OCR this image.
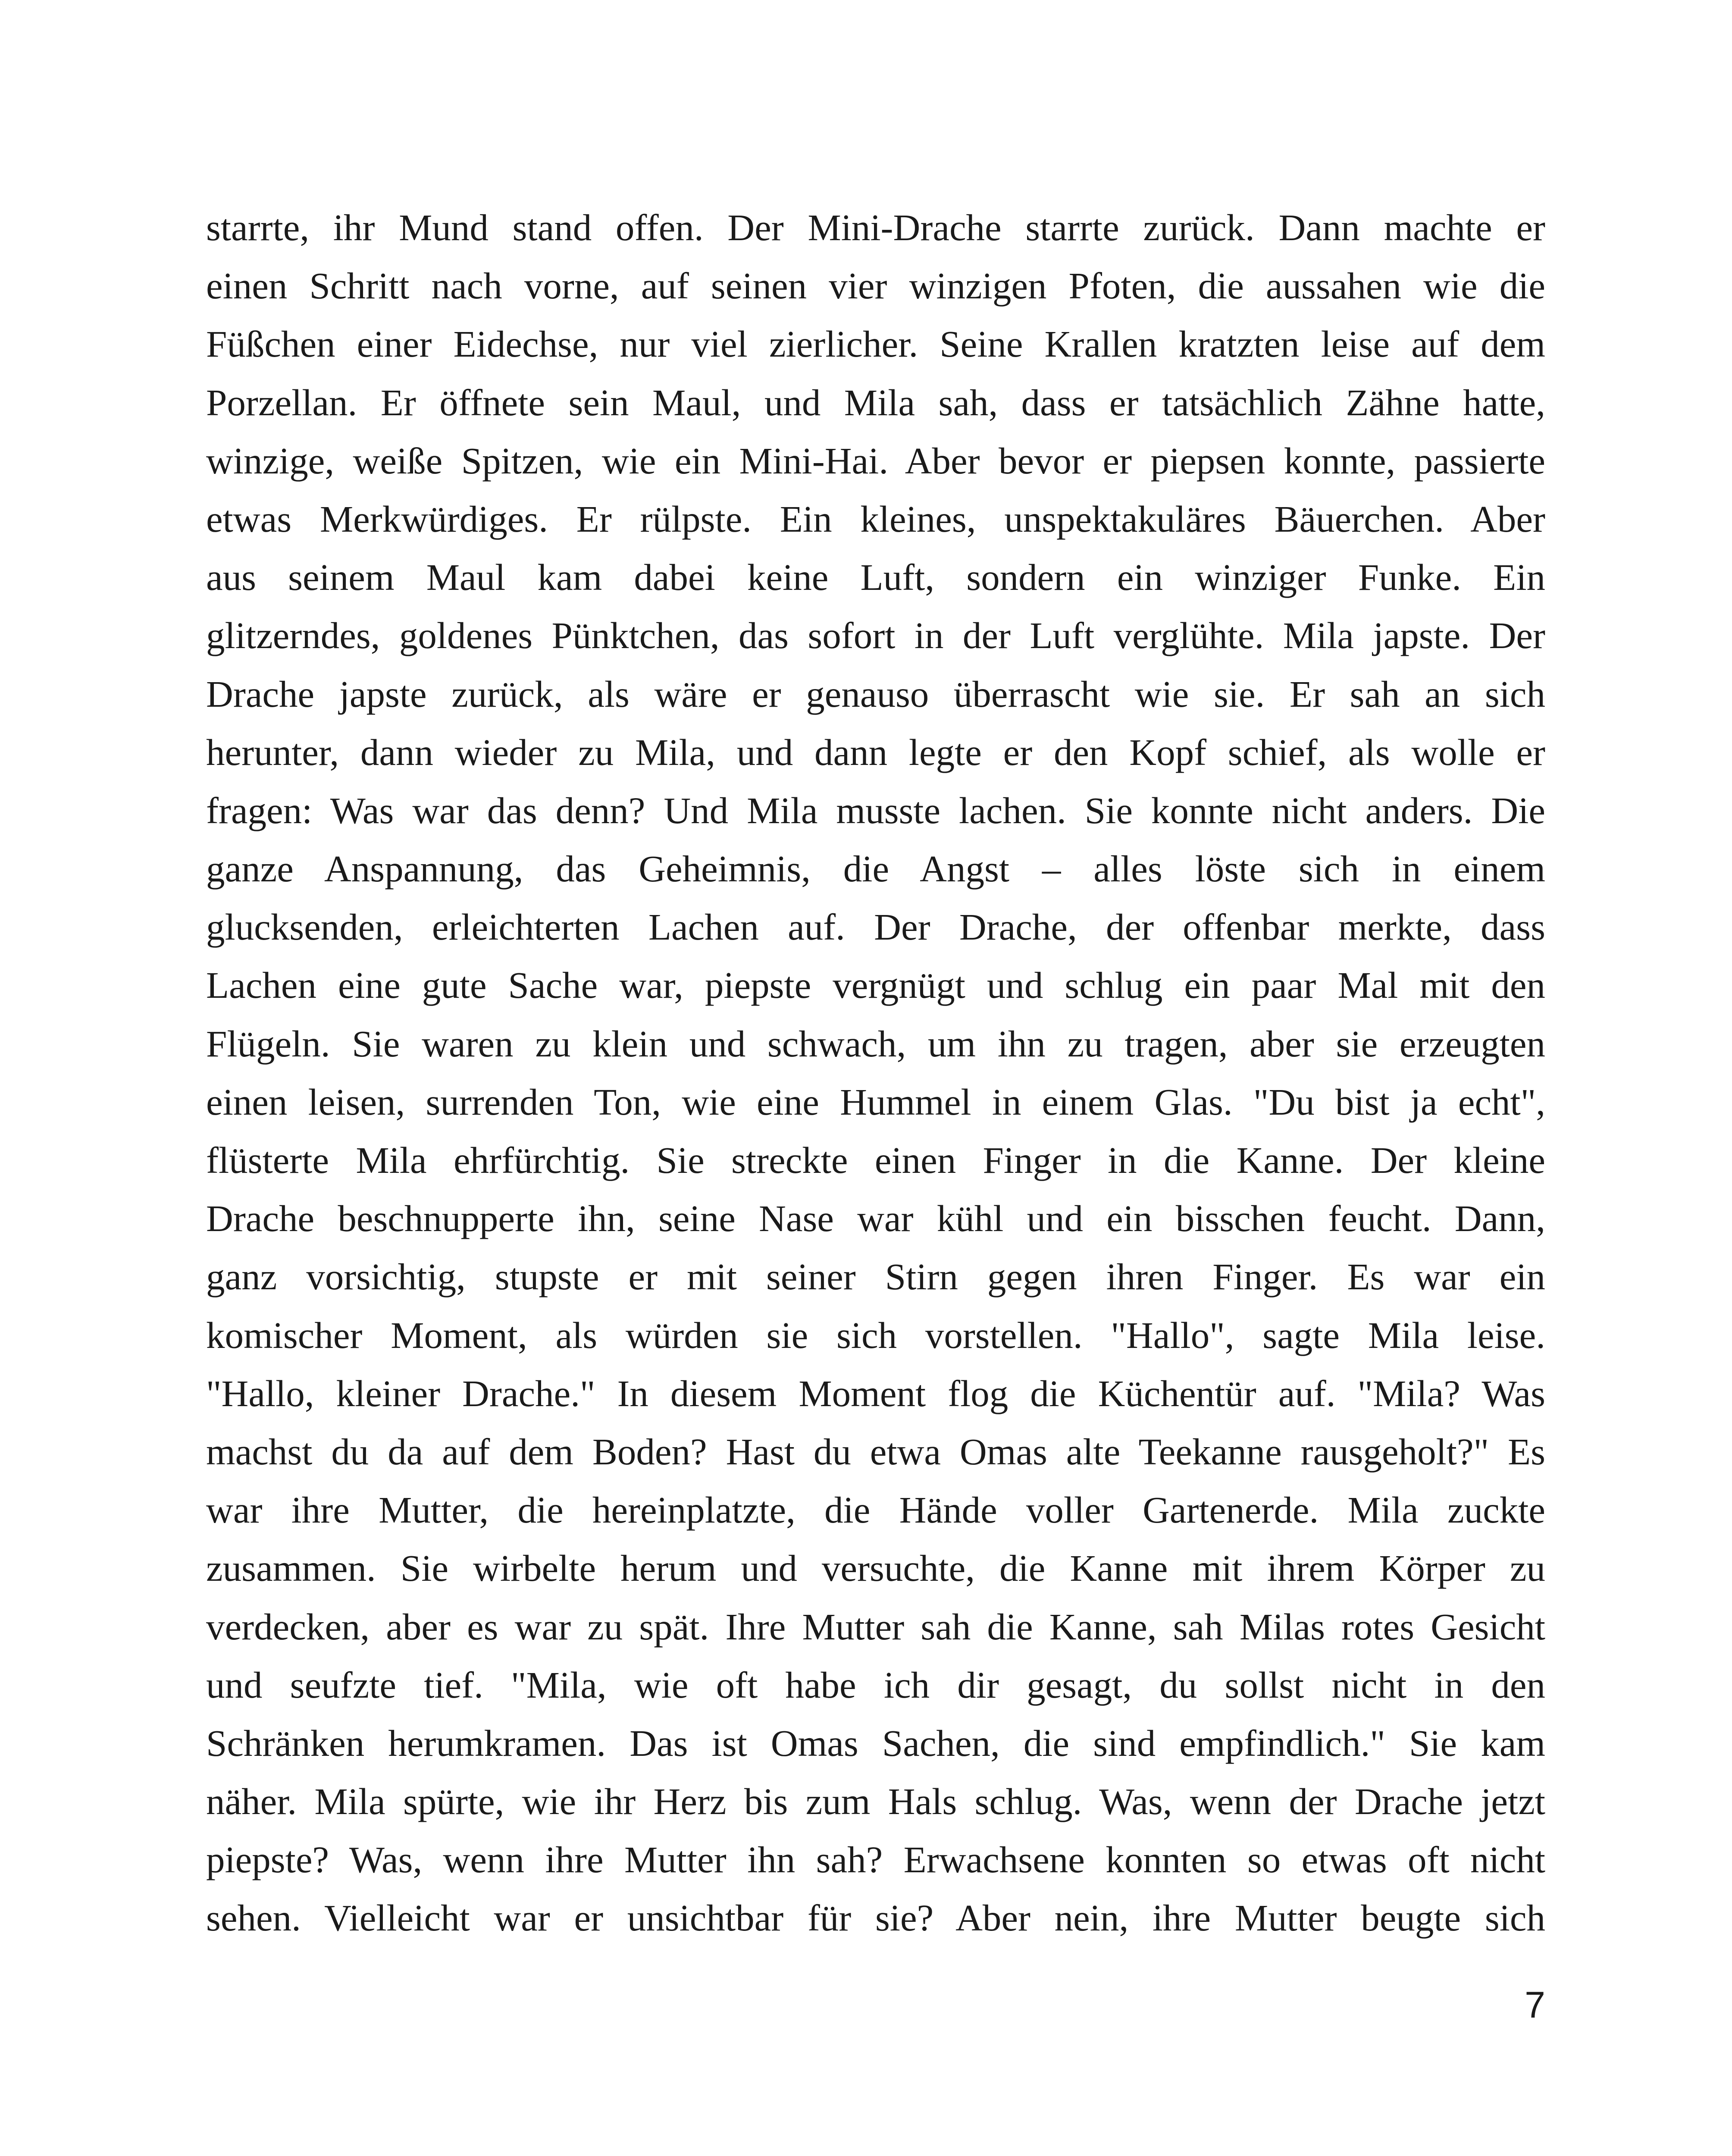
starrte, ihr Mund stand offen. Der Mini-Drache starrte zurück. Dann machte er
einen Schritt nach vorne, auf seinen vier winzigen Pfoten, die aussahen wie die
Füßchen einer Eidechse, nur viel zierlicher. Seine Krallen kratzten leise auf dem
Porzellan. Er öffnete sein Maul, und Mila sah, dass er tatsächlich Zähne hatte,
winzige, weiße Spitzen, wie ein Mini-Hai. Aber bevor er piepsen konnte, passierte
etwas Merkwürdiges. Er rülpste. Ein kleines, unspektakuläres Bäuerchen. Aber
aus seinem Maul kam dabei keine Luft, sondern ein winziger Funke. Ein
glitzerndes, goldenes Pünktchen, das sofort in der Luft verglühte. Mila japste. Der
Drache japste zurück, als wäre er genauso überrascht wie sie. Er sah an sich
herunter, dann wieder zu Mila, und dann legte er den Kopf schief, als wolle er
fragen: Was war das denn? Und Mila musste lachen. Sie konnte nicht anders. Die
ganze Anspannung, das Geheimnis, die Angst – alles löste sich in einem
glucksenden, erleichterten Lachen auf. Der Drache, der offenbar merkte, dass
Lachen eine gute Sache war, piepste vergnügt und schlug ein paar Mal mit den
Flügeln. Sie waren zu klein und schwach, um ihn zu tragen, aber sie erzeugten
einen leisen, surrenden Ton, wie eine Hummel in einem Glas. "Du bist ja echt",
flüsterte Mila ehrfürchtig. Sie streckte einen Finger in die Kanne. Der kleine
Drache beschnupperte ihn, seine Nase war kühl und ein bisschen feucht. Dann,
ganz vorsichtig, stupste er mit seiner Stirn gegen ihren Finger. Es war ein
komischer Moment, als würden sie sich vorstellen. "Hallo", sagte Mila leise.
"Hallo, kleiner Drache." In diesem Moment flog die Küchentür auf. "Mila? Was
machst du da auf dem Boden? Hast du etwa Omas alte Teekanne rausgeholt?" Es
war ihre Mutter, die hereinplatzte, die Hände voller Gartenerde. Mila zuckte
zusammen. Sie wirbelte herum und versuchte, die Kanne mit ihrem Körper zu
verdecken, aber es war zu spät. Ihre Mutter sah die Kanne, sah Milas rotes Gesicht
und seufzte tief. "Mila, wie oft habe ich dir gesagt, du sollst nicht in den
Schränken herumkramen. Das ist Omas Sachen, die sind empfindlich." Sie kam
näher. Mila spürte, wie ihr Herz bis zum Hals schlug. Was, wenn der Drache jetzt
piepste? Was, wenn ihre Mutter ihn sah? Erwachsene konnten so etwas oft nicht
sehen. Vielleicht war er unsichtbar für sie? Aber nein, ihre Mutter beugte sich
7
